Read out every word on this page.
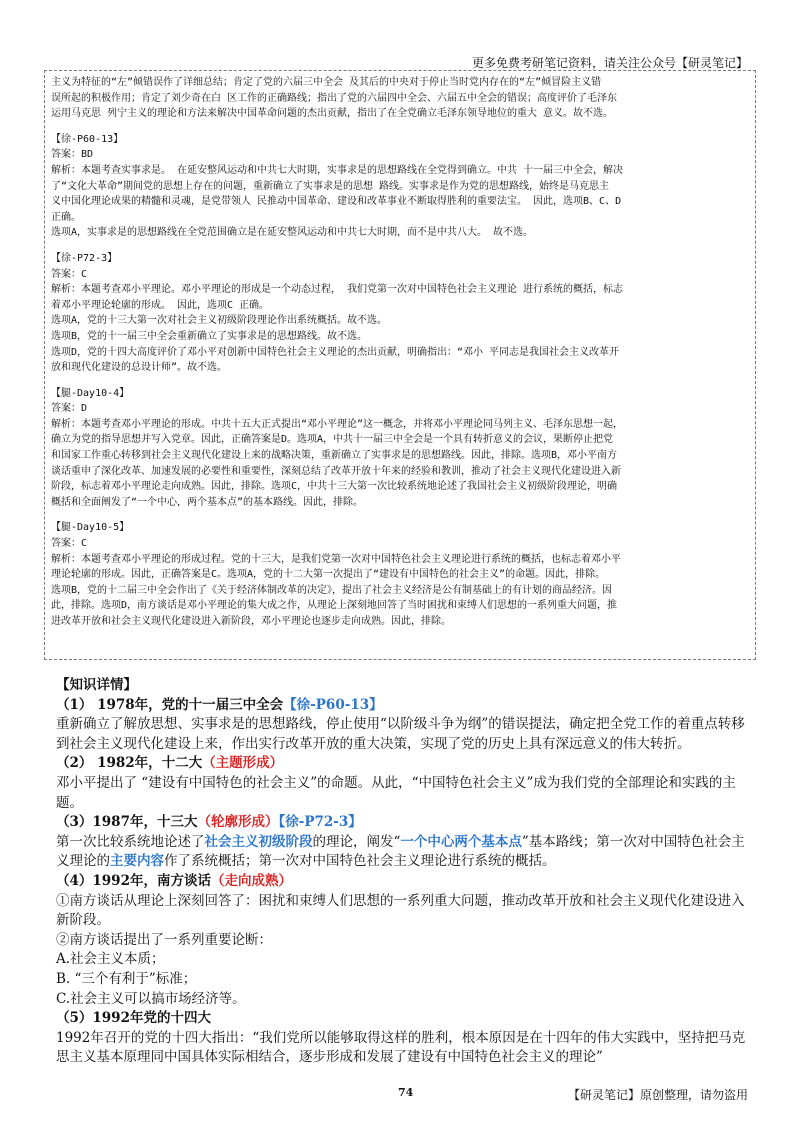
更多免费考研笔记资料，请关注公众号【研灵笔记】

主义为特征的“左”倾错误作了详细总结；肯定了党的六届三中全会 及其后的中央对于停止当时党内存在的“左”倾冒险主义错

误所起的积极作用；肯定了刘少奇在白 区工作的正确路线；指出了党的六届四中全会、六届五中全会的错误；高度评价了毛泽东

运用马克思 列宁主义的理论和方法来解决中国革命问题的杰出贡献，指出了在全党确立毛泽东领导地位的重大 意义。故不选。

【徐-P60-13】

答案：BD

解析：本题考查实事求是。 在延安整风运动和中共七大时期，实事求是的思想路线在全党得到确立。中共 十一届三中全会，解决

了“文化大革命”期间党的思想上存在的问题，重新确立了实事求是的思想 路线。实事求是作为党的思想路线，始终是马克思主

义中国化理论成果的精髓和灵魂，是党带领人 民推动中国革命、建设和改革事业不断取得胜利的重要法宝。 因此，选项B、C、D

正确。

选项A，实事求是的思想路线在全党范围确立是在延安整风运动和中共七大时期，而不是中共八大。 故不选。

【徐-P72-3】

答案：C

解析：本题考查邓小平理论。邓小平理论的形成是一个动态过程， 我们党第一次对中国特色社会主义理论 进行系统的概括，标志

着邓小平理论轮廓的形成。 因此，选项C 正确。

选项A，党的十三大第一次对社会主义初级阶段理论作出系统概括。故不选。

选项B，党的十一届三中全会重新确立了实事求是的思想路线。故不选。

选项D，党的十四大高度评价了邓小平对创新中国特色社会主义理论的杰出贡献，明确指出：“邓小 平同志是我国社会主义改革开

放和现代化建设的总设计师”。故不选。

【腿-Day10-4】

答案：D

解析：本题考查邓小平理论的形成。中共十五大正式提出“邓小平理论”这一概念，并将邓小平理论同马列主义、毛泽东思想一起，

确立为党的指导思想并写入党章。因此，正确答案是D。选项A，中共十一届三中全会是一个具有转折意义的会议，果断停止把党

和国家工作重心转移到社会主义现代化建设上来的战略决策，重新确立了实事求是的思想路线。因此，排除。选项B，邓小平南方

谈话重申了深化改革、加速发展的必要性和重要性，深刻总结了改革开放十年来的经验和教训，推动了社会主义现代化建设进入新

阶段，标志着邓小平理论走向成熟。因此，排除。选项C，中共十三大第一次比较系统地论述了我国社会主义初级阶段理论，明确

概括和全面阐发了“一个中心，两个基本点”的基本路线。因此，排除。

【腿-Day10-5】

答案：C

解析：本题考查邓小平理论的形成过程。党的十三大，是我们党第一次对中国特色社会主义理论进行系统的概括，也标志着邓小平

理论轮廓的形成。因此，正确答案是C。选项A，党的十二大第一次提出了“建设有中国特色的社会主义”的命题。因此，排除。

选项B，党的十二届三中全会作出了《关于经济体制改革的决定》，提出了社会主义经济是公有制基础上的有计划的商品经济。因

此，排除。选项D，南方谈话是邓小平理论的集大成之作，从理论上深刻地回答了当时困扰和束缚人们思想的一系列重大问题，推

进改革开放和社会主义现代化建设进入新阶段，邓小平理论也逐步走向成熟。因此，排除。

【知识详情】

（1） 1978年，党的十一届三中全会【徐-P60-13】

重新确立了解放思想、实事求是的思想路线，停止使用“以阶级斗争为纲”的错误提法，确定把全党工作的着重点转移到社会主义现代化建设上来，作出实行改革开放的重大决策，实现了党的历史上具有深远意义的伟大转折。

（2） 1982年，十二大（主题形成）

邓小平提出了 “建设有中国特色的社会主义”的命题。从此，“中国特色社会主义”成为我们党的全部理论和实践的主题。

（3）1987年，十三大（轮廓形成）【徐-P72-3】

第一次比较系统地论述了社会主义初级阶段的理论，阐发“一个中心两个基本点”基本路线；第一次对中国特色社会主义理论的主要内容作了系统概括；第一次对中国特色社会主义理论进行系统的概括。

（4）1992年，南方谈话（走向成熟）

①南方谈话从理论上深刻回答了：困扰和束缚人们思想的一系列重大问题，推动改革开放和社会主义现代化建设进入新阶段。

②南方谈话提出了一系列重要论断：

A.社会主义本质；

B. “三个有利于”标准；

C.社会主义可以搞市场经济等。

（5）1992年党的十四大

1992年召开的党的十四大指出：“我们党所以能够取得这样的胜利，根本原因是在十四年的伟大实践中，坚持把马克思主义基本原理同中国具体实际相结合，逐步形成和发展了建设有中国特色社会主义的理论”

74	【研灵笔记】原创整理，请勿盗用
